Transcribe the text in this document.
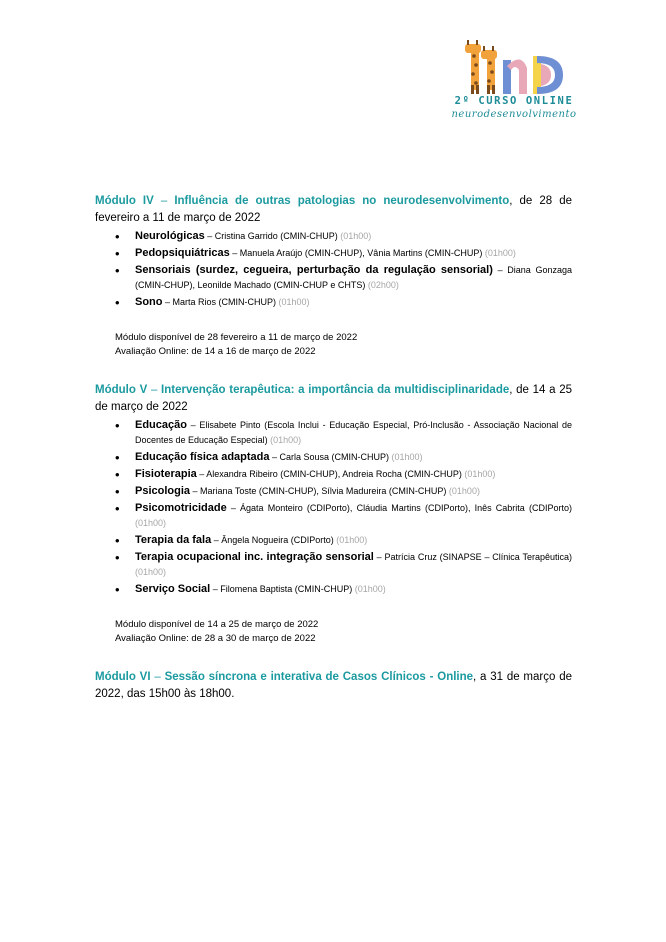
2º CURSO ONLINE
neurodesenvolvimento
Módulo IV – Influência de outras patologias no neurodesenvolvimento, de 28 de fevereiro a 11 de março de 2022
• Neurológicas – Cristina Garrido (CMIN-CHUP) (01h00)
• Pedopsiquiátricas – Manuela Araújo (CMIN-CHUP), Vânia Martins (CMIN-CHUP) (01h00)
• Sensoriais (surdez, cegueira, perturbação da regulação sensorial) – Diana Gonzaga (CMIN-CHUP), Leonilde Machado (CMIN-CHUP e CHTS) (02h00)
• Sono – Marta Rios (CMIN-CHUP) (01h00)
Módulo disponível de 28 fevereiro a 11 de março de 2022
Avaliação Online: de 14 a 16 de março de 2022
Módulo V – Intervenção terapêutica: a importância da multidisciplinaridade, de 14 a 25 de março de 2022
• Educação – Elisabete Pinto (Escola Inclui - Educação Especial, Pró-Inclusão - Associação Nacional de Docentes de Educação Especial) (01h00)
• Educação física adaptada – Carla Sousa (CMIN-CHUP) (01h00)
• Fisioterapia – Alexandra Ribeiro (CMIN-CHUP), Andreia Rocha (CMIN-CHUP) (01h00)
• Psicologia – Mariana Toste (CMIN-CHUP), Sílvia Madureira (CMIN-CHUP) (01h00)
• Psicomotricidade – Ágata Monteiro (CDIPorto), Cláudia Martins (CDIPorto), Inês Cabrita (CDIPorto) (01h00)
• Terapia da fala – Ângela Nogueira (CDIPorto) (01h00)
• Terapia ocupacional inc. integração sensorial – Patrícia Cruz (SINAPSE – Clínica Terapêutica) (01h00)
• Serviço Social – Filomena Baptista (CMIN-CHUP) (01h00)
Módulo disponível de 14 a 25 de março de 2022
Avaliação Online: de 28 a 30 de março de 2022
Módulo VI – Sessão síncrona e interativa de Casos Clínicos - Online, a 31 de março de 2022, das 15h00 às 18h00.
